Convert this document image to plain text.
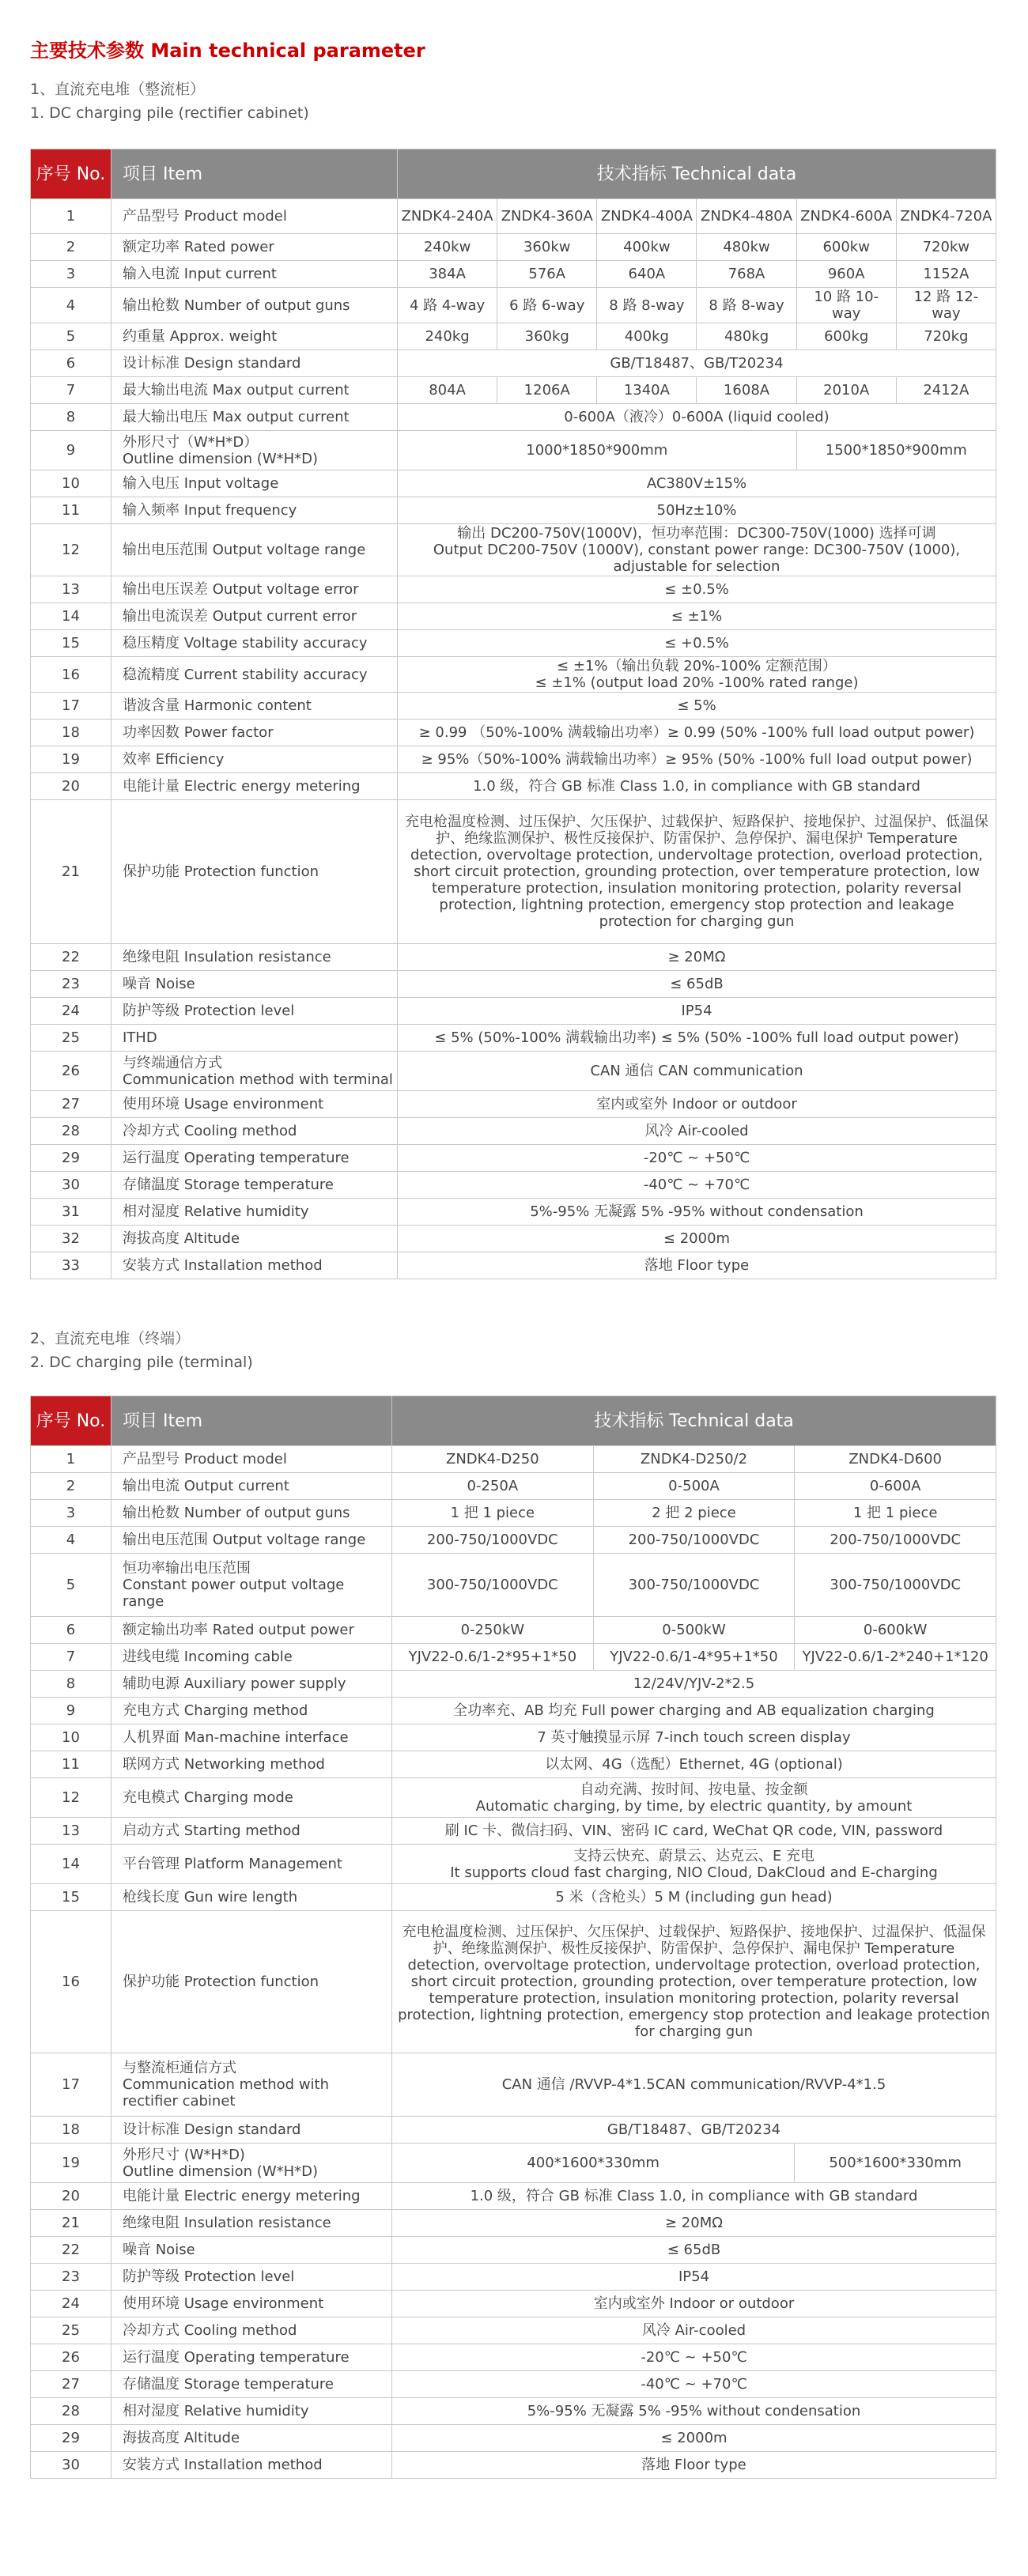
主要技术参数 Main technical parameter
1、直流充电堆（整流柜）
1. DC charging pile (rectifier cabinet)
序号 No.	项目 Item	技术指标 Technical data					
1	产品型号 Product model	ZNDK4-240A	ZNDK4-360A	ZNDK4-400A	ZNDK4-480A	ZNDK4-600A	ZNDK4-720A
2	额定功率 Rated power	240kw	360kw	400kw	480kw	600kw	720kw
3	输入电流 Input current	384A	576A	640A	768A	960A	1152A
4	输出枪数 Number of output guns	4 路 4-way	6 路 6-way	8 路 8-way	8 路 8-way	10 路 10-way	12 路 12-way
5	约重量 Approx. weight	240kg	360kg	400kg	480kg	600kg	720kg
6	设计标准 Design standard	GB/T18487、GB/T20234					
7	最大输出电流 Max output current	804A	1206A	1340A	1608A	2010A	2412A
8	最大输出电压 Max output current	0-600A（液冷）0-600A (liquid cooled)					
9	外形尺寸（W*H*D）
Outline dimension (W*H*D)	1000*1850*900mm				1500*1850*900mm	
10	输入电压 Input voltage	AC380V±15%					
11	输入频率 Input frequency	50Hz±10%					
12	输出电压范围 Output voltage range	输出 DC200-750V(1000V)，恒功率范围：DC300-750V(1000) 选择可调
Output DC200-750V (1000V), constant power range: DC300-750V (1000),
adjustable for selection					
13	输出电压误差 Output voltage error	≤ ±0.5%					
14	输出电流误差 Output current error	≤ ±1%					
15	稳压精度 Voltage stability accuracy	≤ +0.5%					
16	稳流精度 Current stability accuracy	≤ ±1%（输出负载 20%-100% 定额范围）
≤ ±1% (output load 20% -100% rated range)					
17	谐波含量 Harmonic content	≤ 5%					
18	功率因数 Power factor	≥ 0.99 （50%-100% 满载输出功率）≥ 0.99 (50% -100% full load output power)					
19	效率 Efficiency	≥ 95%（50%-100% 满载输出功率）≥ 95% (50% -100% full load output power)					
20	电能计量 Electric energy metering	1.0 级，符合 GB 标准 Class 1.0, in compliance with GB standard					
21	保护功能 Protection function	充电枪温度检测、过压保护、欠压保护、过载保护、短路保护、接地保护、过温保护、低温保护、绝缘监测保护、极性反接保护、防雷保护、急停保护、漏电保护 Temperature detection, overvoltage protection, undervoltage protection, overload protection, short circuit protection, grounding protection, over temperature protection, low temperature protection, insulation monitoring protection, polarity reversal protection, lightning protection, emergency stop protection and leakage protection for charging gun					
22	绝缘电阻 Insulation resistance	≥ 20MΩ					
23	噪音 Noise	≤ 65dB					
24	防护等级 Protection level	IP54					
25	ITHD	≤ 5% (50%-100% 满载输出功率) ≤ 5% (50% -100% full load output power)					
26	与终端通信方式
Communication method with terminal	CAN 通信 CAN communication					
27	使用环境 Usage environment	室内或室外 Indoor or outdoor					
28	冷却方式 Cooling method	风冷 Air-cooled					
29	运行温度 Operating temperature	-20℃ ~ +50℃					
30	存储温度 Storage temperature	-40℃ ~ +70℃					
31	相对湿度 Relative humidity	5%-95% 无凝露 5% -95% without condensation					
32	海拔高度 Altitude	≤ 2000m					
33	安装方式 Installation method	落地 Floor type					
2、直流充电堆（终端）
2. DC charging pile (terminal)
序号 No.	项目 Item	技术指标 Technical data		
1	产品型号 Product model	ZNDK4-D250	ZNDK4-D250/2	ZNDK4-D600
2	输出电流 Output current	0-250A	0-500A	0-600A
3	输出枪数 Number of output guns	1 把 1 piece	2 把 2 piece	1 把 1 piece
4	输出电压范围 Output voltage range	200-750/1000VDC	200-750/1000VDC	200-750/1000VDC
5	恒功率输出电压范围
Constant power output voltage range	300-750/1000VDC	300-750/1000VDC	300-750/1000VDC
6	额定输出功率 Rated output power	0-250kW	0-500kW	0-600kW
7	进线电缆 Incoming cable	YJV22-0.6/1-2*95+1*50	YJV22-0.6/1-4*95+1*50	YJV22-0.6/1-2*240+1*120
8	辅助电源 Auxiliary power supply	12/24V/YJV-2*2.5		
9	充电方式 Charging method	全功率充、AB 均充 Full power charging and AB equalization charging		
10	人机界面 Man-machine interface	7 英寸触摸显示屏 7-inch touch screen display		
11	联网方式 Networking method	以太网、4G（选配）Ethernet, 4G (optional)		
12	充电模式 Charging mode	自动充满、按时间、按电量、按金额
Automatic charging, by time, by electric quantity, by amount		
13	启动方式 Starting method	刷 IC 卡、微信扫码、VIN、密码 IC card, WeChat QR code, VIN, password		
14	平台管理 Platform Management	支持云快充、蔚景云、达克云、E 充电
It supports cloud fast charging, NIO Cloud, DakCloud and E-charging		
15	枪线长度 Gun wire length	5 米（含枪头）5 M (including gun head)		
16	保护功能 Protection function	充电枪温度检测、过压保护、欠压保护、过载保护、短路保护、接地保护、过温保护、低温保护、绝缘监测保护、极性反接保护、防雷保护、急停保护、漏电保护 Temperature detection, overvoltage protection, undervoltage protection, overload protection, short circuit protection, grounding protection, over temperature protection, low temperature protection, insulation monitoring protection, polarity reversal protection, lightning protection, emergency stop protection and leakage protection for charging gun		
17	与整流柜通信方式
Communication method with rectifier cabinet	CAN 通信 /RVVP-4*1.5CAN communication/RVVP-4*1.5		
18	设计标准 Design standard	GB/T18487、GB/T20234		
19	外形尺寸 (W*H*D)
Outline dimension (W*H*D)	400*1600*330mm		500*1600*330mm
20	电能计量 Electric energy metering	1.0 级，符合 GB 标准 Class 1.0, in compliance with GB standard		
21	绝缘电阻 Insulation resistance	≥ 20MΩ		
22	噪音 Noise	≤ 65dB		
23	防护等级 Protection level	IP54		
24	使用环境 Usage environment	室内或室外 Indoor or outdoor		
25	冷却方式 Cooling method	风冷 Air-cooled		
26	运行温度 Operating temperature	-20℃ ~ +50℃		
27	存储温度 Storage temperature	-40℃ ~ +70℃		
28	相对湿度 Relative humidity	5%-95% 无凝露 5% -95% without condensation		
29	海拔高度 Altitude	≤ 2000m		
30	安装方式 Installation method	落地 Floor type		
